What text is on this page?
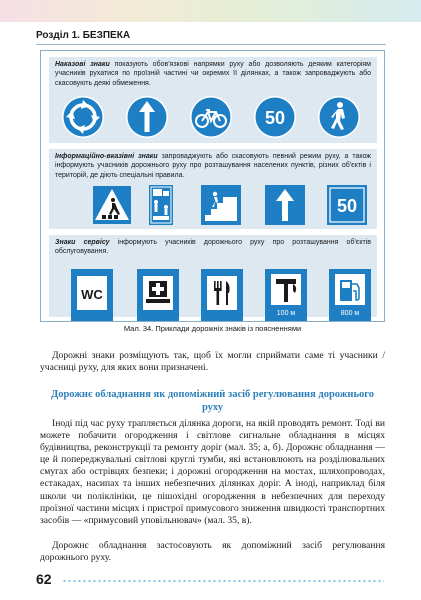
Розділ 1. БЕЗПЕКА
Наказові знаки показують обов'язкові напрямки руху або дозволяють деяким категоріям учасників рухатися по проїзній частині чи окремих її ділянках, а також запроваджують або скасовують деякі обмеження.
50
Інформаційно-вказівні знаки запроваджують або скасовують певний режим руху, а також інформують учасників дорожнього руху про розташування населених пунктів, різних об'єктів і територій, де діють спеціальні правила.
50
Знаки сервісу інформують учасників дорожнього руху про розташування об'єктів обслуговування.
WC
100 м	800 м
Мал. 34. Приклади дорожніх знаків із поясненнями
Дорожні знаки розміщують так, щоб їх могли сприймати саме ті учасники / учасниці руху, для яких вони призначені.
Дорожнє обладнання як допоміжний засіб регулювання дорожнього руху
Іноді під час руху трапляється ділянка дороги, на якій проводять ремонт. Тоді ви можете побачити огородження і світлове сигнальне обладнання в місцях будівництва, реконструкції та ремонту доріг (мал. 35; а, б). Дорожнє обладнання — це й попереджувальні світлові круглі тумби, які встановлюють на розділювальних смугах або острівцях безпеки; і дорожні огородження на мостах, шляхопроводах, естакадах, насипах та інших небезпечних ділянках доріг. А іноді, наприклад біля школи чи поліклініки, це пішохідні огородження в небезпечних для переходу проїзної частини місцях і пристрої примусового зниження швидкості транспортних засобів — «примусовий уповільнювач» (мал. 35, в).
Дорожнє обладнання застосовують як допоміжний засіб регулювання дорожнього руху.
62
